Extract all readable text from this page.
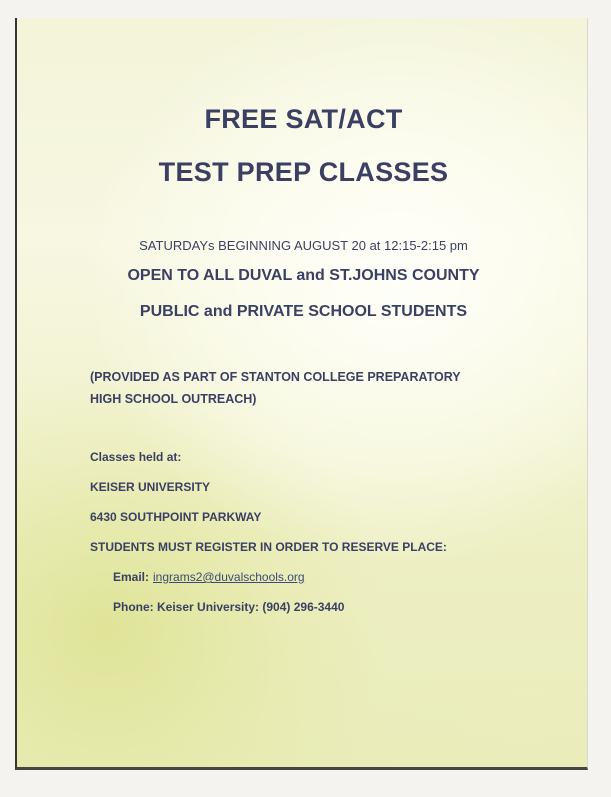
FREE SAT/ACT
TEST PREP CLASSES
SATURDAYs BEGINNING AUGUST 20 at 12:15-2:15 pm
OPEN TO ALL DUVAL and ST.JOHNS COUNTY
PUBLIC and PRIVATE SCHOOL STUDENTS
(PROVIDED AS PART OF STANTON COLLEGE PREPARATORY
HIGH SCHOOL OUTREACH)
Classes held at:
KEISER UNIVERSITY
6430 SOUTHPOINT PARKWAY
STUDENTS MUST REGISTER IN ORDER TO RESERVE PLACE:
Email: ingrams2@duvalschools.org
Phone: Keiser University: (904) 296-3440
